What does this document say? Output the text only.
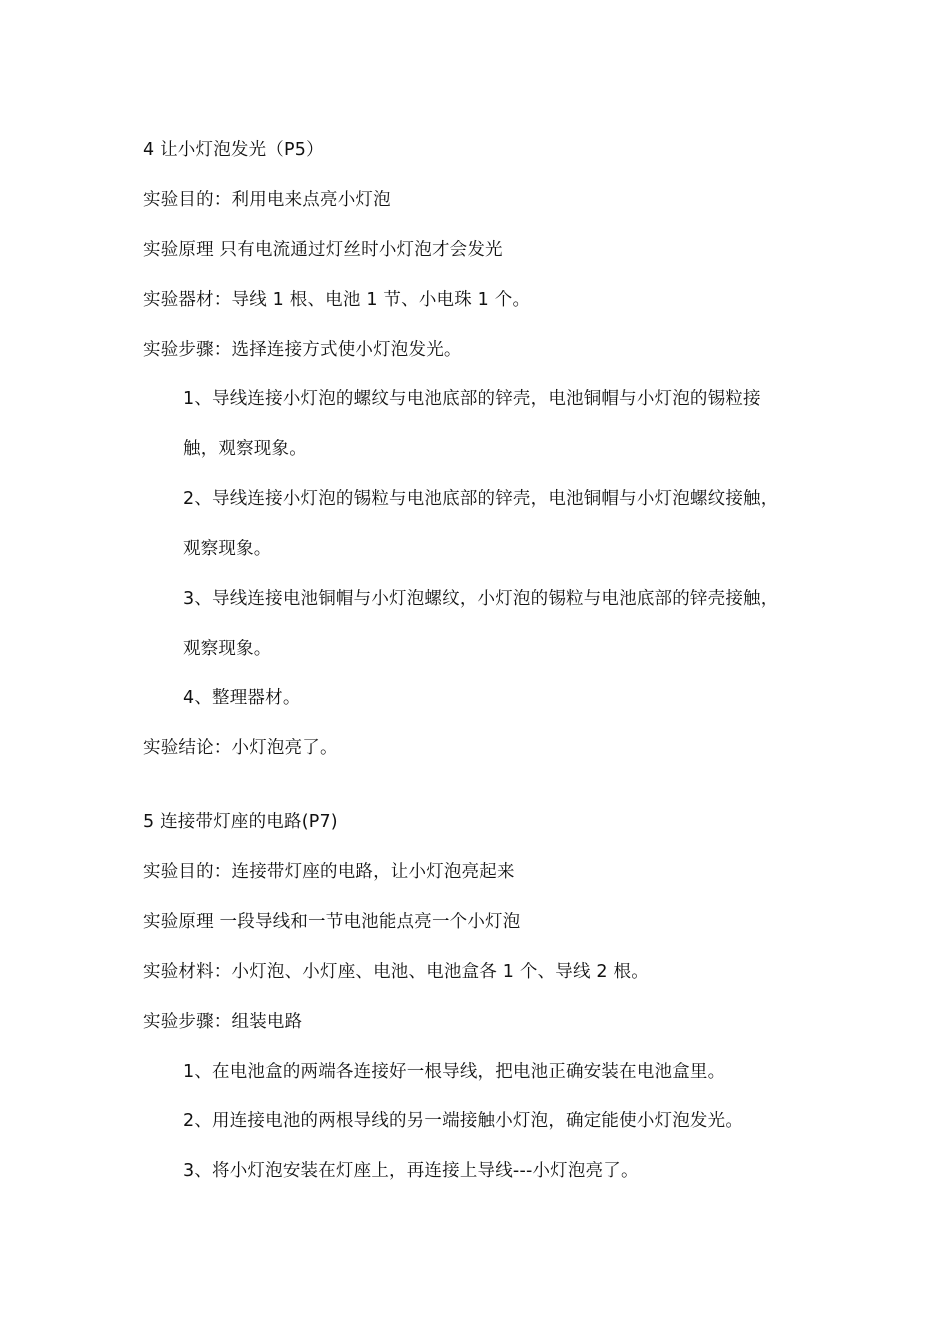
4 让小灯泡发光（P5）
实验目的：利用电来点亮小灯泡
实验原理 只有电流通过灯丝时小灯泡才会发光
实验器材：导线 1 根、电池 1 节、小电珠 1 个。
实验步骤：选择连接方式使小灯泡发光。
1、导线连接小灯泡的螺纹与电池底部的锌壳，电池铜帽与小灯泡的锡粒接
触，观察现象。
2、导线连接小灯泡的锡粒与电池底部的锌壳，电池铜帽与小灯泡螺纹接触，
观察现象。
3、导线连接电池铜帽与小灯泡螺纹，小灯泡的锡粒与电池底部的锌壳接触，
观察现象。
4、整理器材。
实验结论：小灯泡亮了。
5 连接带灯座的电路(P7)
实验目的：连接带灯座的电路，让小灯泡亮起来
实验原理 一段导线和一节电池能点亮一个小灯泡
实验材料：小灯泡、小灯座、电池、电池盒各 1 个、导线 2 根。
实验步骤：组装电路
1、在电池盒的两端各连接好一根导线，把电池正确安装在电池盒里。
2、用连接电池的两根导线的另一端接触小灯泡，确定能使小灯泡发光。
3、将小灯泡安装在灯座上，再连接上导线---小灯泡亮了。
